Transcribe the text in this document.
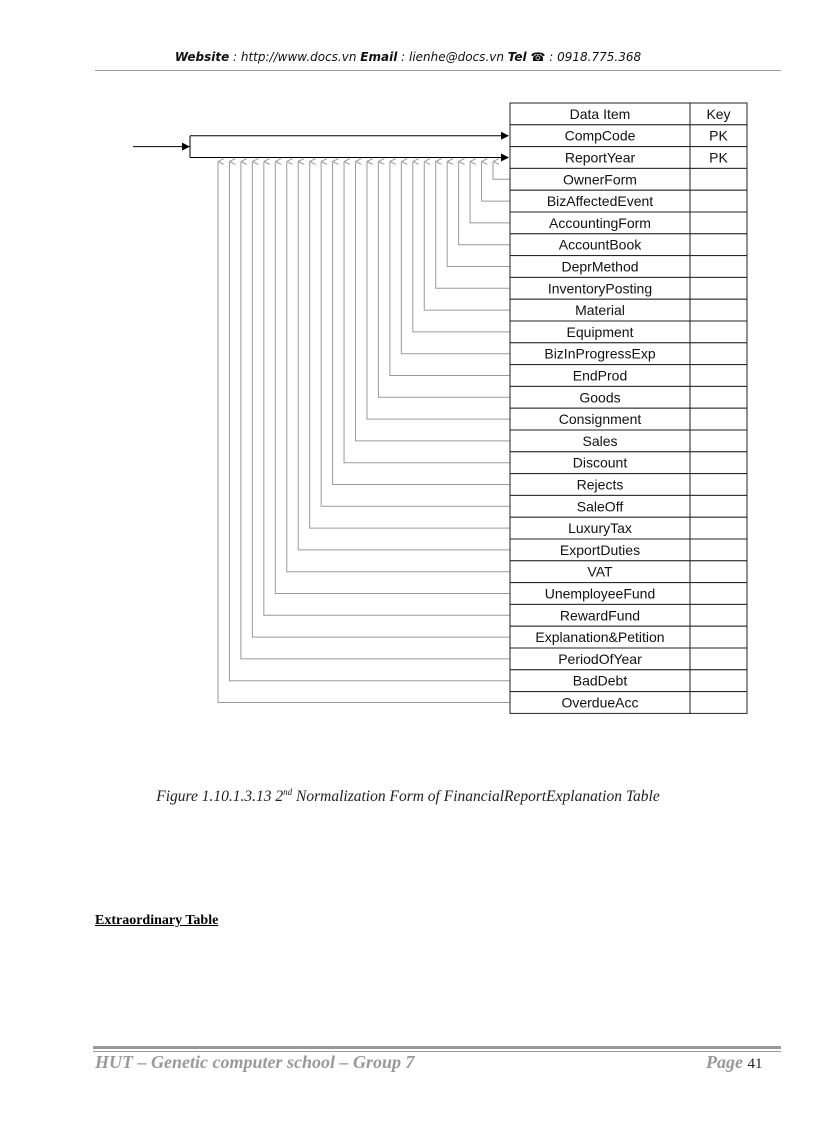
Website : http://www.docs.vn Email : lienhe@docs.vn Tel ☎ : 0918.775.368
Data Item	Key
CompCode	PK
ReportYear	PK
OwnerForm
BizAffectedEvent
AccountingForm
AccountBook
DeprMethod
InventoryPosting
Material
Equipment
BizInProgressExp
EndProd
Goods
Consignment
Sales
Discount
Rejects
SaleOff
LuxuryTax
ExportDuties
VAT
UnemployeeFund
RewardFund
Explanation&Petition
PeriodOfYear
BadDebt
OverdueAcc
Figure 1.10.1.3.13 2nd Normalization Form of FinancialReportExplanation Table
Extraordinary Table
HUT – Genetic computer school – Group 7	Page 41
